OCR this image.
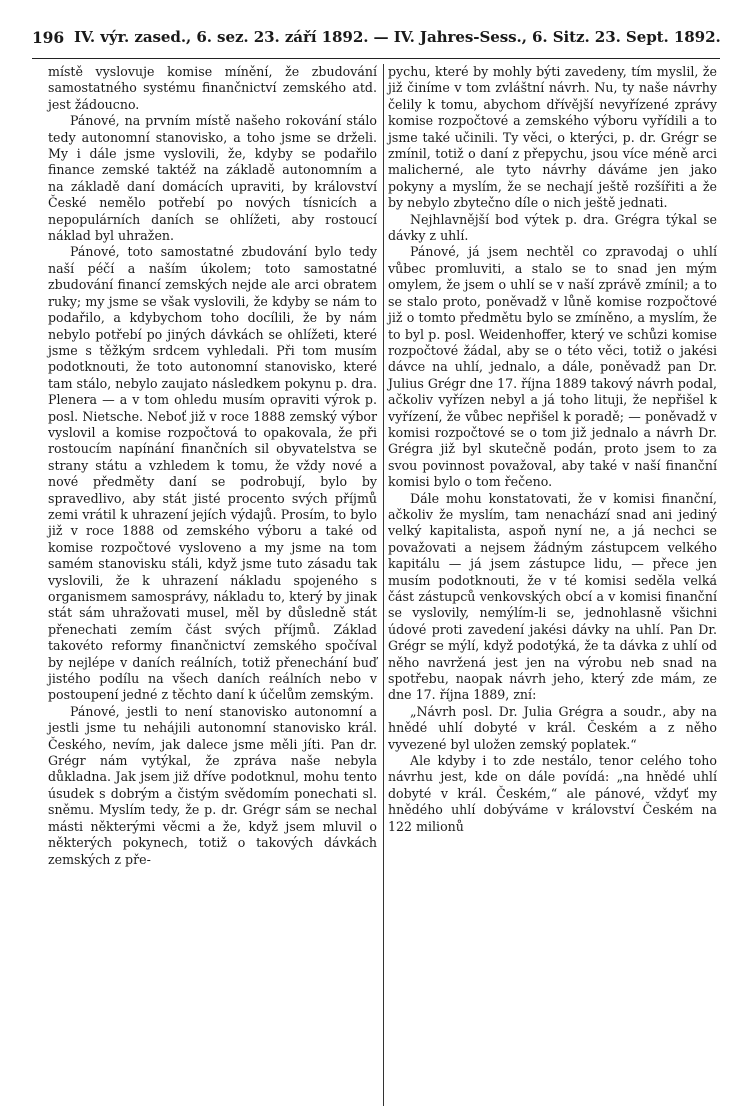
196 IV. výr. zased., 6. sez. 23. září 1892. — IV. Jahres-Sess., 6. Sitz. 23. Sept. 1892.

místě vyslovuje komise mínění, že zbudování samostatného systému finančnictví zemského atd. jest žádoucno.

Pánové, na prvním místě našeho rokování stálo tedy autonomní stanovisko, a toho jsme se drželi. My i dále jsme vyslovili, že, kdyby se podařilo finance zemské taktéž na základě autonomním a na základě daní domácích upraviti, by království České nemělo potřebí po nových tísnicích a nepopulárních daních se ohlížeti, aby rostoucí náklad byl uhražen.

Pánové, toto samostatné zbudování bylo tedy naší péčí a naším úkolem; toto samostatné zbudování financí zemských nejde ale arci obratem ruky; my jsme se však vyslovili, že kdyby se nám to podařilo, a kdybychom toho docílili, že by nám nebylo potřebí po jiných dávkách se ohlížeti, které jsme s těžkým srdcem vyhledali. Při tom musím podotknouti, že toto autonomní stanovisko, které tam stálo, nebylo zaujato následkem pokynu p. dra. Plenera — a v tom ohledu musím opraviti výrok p. posl. Nietsche. Neboť již v roce 1888 zemský výbor vyslovil a komise rozpočtová to opakovala, že při rostoucím napínání finančních sil obyvatelstva se strany státu a vzhledem k tomu, že vždy nové a nové předměty daní se podrobují, bylo by spravedlivo, aby stát jisté procento svých příjmů zemi vrátil k uhrazení jejích výdajů. Prosím, to bylo již v roce 1888 od zemského výboru a také od komise rozpočtové vysloveno a my jsme na tom samém stanovisku stáli, když jsme tuto zásadu tak vyslovili, že k uhrazení nákladu spojeného s organismem samosprávy, nákladu to, který by jinak stát sám uhražovati musel, měl by důsledně stát přenechati zemím část svých příjmů. Základ takovéto reformy finančnictví zemského spočíval by nejlépe v daních reálních, totiž přenechání buď jistého podílu na všech daních reálních nebo v postoupení jedné z těchto daní k účelům zemským.

Pánové, jestli to není stanovisko autonomní a jestli jsme tu nehájili autonomní stanovisko král. Českého, nevím, jak dalece jsme měli jíti. Pan dr. Grégr nám vytýkal, že zpráva naše nebyla důkladna. Jak jsem již dříve podotknul, mohu tento úsudek s dobrým a čistým svědomím ponechati sl. sněmu. Myslím tedy, že p. dr. Grégr sám se nechal másti některými věcmi a že, když jsem mluvil o některých pokynech, totiž o takových dávkách zemských z pře-

pychu, které by mohly býti zavedeny, tím myslil, že již činíme v tom zvláštní návrh. Nu, ty naše návrhy čelily k tomu, abychom dřívější nevyřízené zprávy komise rozpočtové a zemského výboru vyřídili a to jsme také učinili. Ty věci, o kterýci, p. dr. Grégr se zmínil, totiž o daní z přepychu, jsou více méně arci malicherné, ale tyto návrhy dáváme jen jako pokyny a myslím, že se nechají ještě rozšířiti a že by nebylo zbytečno díle o nich ještě jednati.

Nejhlavnější bod výtek p. dra. Grégra týkal se dávky z uhlí.

Pánové, já jsem nechtěl co zpravodaj o uhlí vůbec promluviti, a stalo se to snad jen mým omylem, že jsem o uhlí se v naší zprávě zmínil; a to se stalo proto, poněvadž v lůně komise rozpočtové již o tomto předmětu bylo se zmíněno, a myslím, že to byl p. posl. Weidenhoffer, který ve schůzi komise rozpočtové žádal, aby se o této věci, totiž o jakési dávce na uhlí, jednalo, a dále, poněvadž pan Dr. Julius Grégr dne 17. října 1889 takový návrh podal, ačkoliv vyřízen nebyl a já toho lituji, že nepřišel k vyřízení, že vůbec nepřišel k poradě; — poněvadž v komisi rozpočtové se o tom již jednalo a návrh Dr. Grégra již byl skutečně podán, proto jsem to za svou povinnost považoval, aby také v naší finanční komisi bylo o tom řečeno.

Dále mohu konstatovati, že v komisi finanční, ačkoliv že myslím, tam nenachází snad ani jediný velký kapitalista, aspoň nyní ne, a já nechci se považovati a nejsem žádným zástupcem velkého kapitálu — já jsem zástupce lidu, — přece jen musím podotknouti, že v té komisi seděla velká část zástupců venkovských obcí a v komisi finanční se vyslovily, nemýlím-li se, jednohlasně všichni údové proti zavedení jakési dávky na uhlí. Pan Dr. Grégr se mýlí, když podotýká, že ta dávka z uhlí od něho navržená jest jen na výrobu neb snad na spotřebu, naopak návrh jeho, který zde mám, ze dne 17. října 1889, zní:

„Návrh posl. Dr. Julia Grégra a soudr., aby na hnědé uhlí dobyté v král. Českém a z něho vyvezené byl uložen zemský poplatek.“

Ale kdyby i to zde nestálo, tenor celého toho návrhu jest, kde on dále povídá: „na hnědé uhlí dobyté v král. Českém,“ ale pánové, vždyť my hnědého uhlí dobýváme v království Českém na 122 milionů
